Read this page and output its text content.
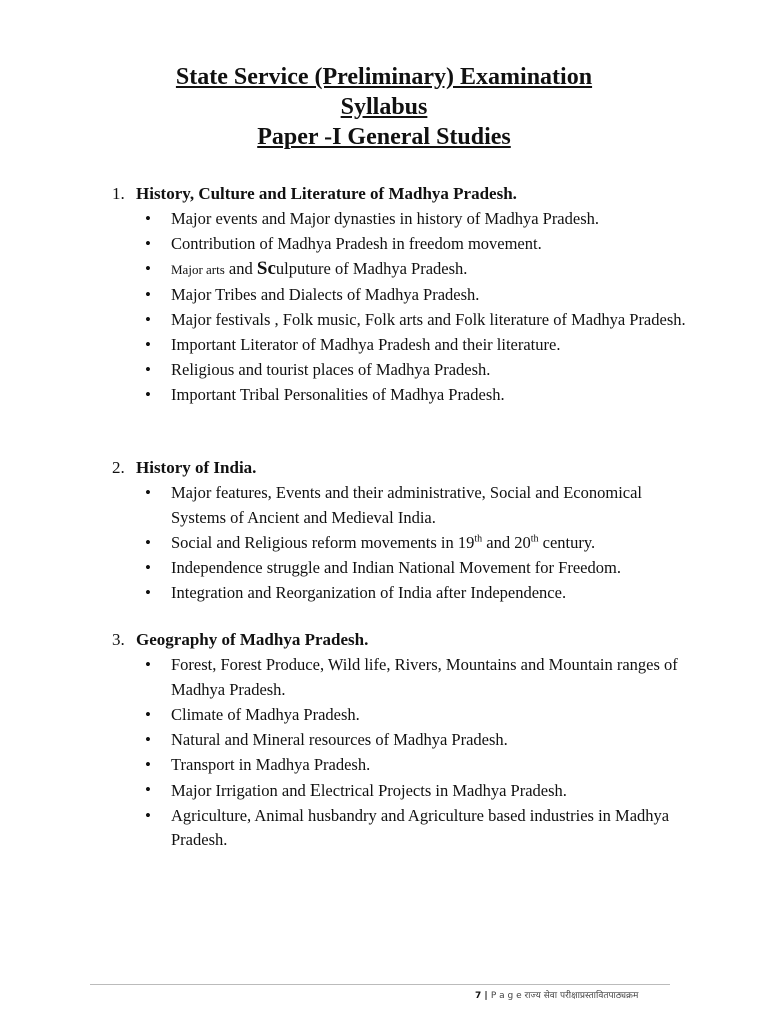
State Service (Preliminary) Examination
Syllabus
Paper -I General Studies
1. History, Culture and Literature of Madhya Pradesh.
• Major events and Major dynasties in history of Madhya Pradesh.
• Contribution of Madhya Pradesh in freedom movement.
• Major arts and Sculputure of Madhya Pradesh.
• Major Tribes and Dialects of Madhya Pradesh.
• Major festivals , Folk music, Folk arts and Folk literature of Madhya Pradesh.
• Important Literator of Madhya Pradesh and their literature.
• Religious and tourist places of Madhya Pradesh.
• Important Tribal Personalities of Madhya Pradesh.
2. History of India.
• Major features, Events and their administrative, Social and Economical Systems of Ancient and Medieval India.
• Social and Religious reform movements in 19th and 20th century.
• Independence struggle and Indian National Movement for Freedom.
• Integration and Reorganization of India after Independence.
3. Geography of Madhya Pradesh.
• Forest, Forest Produce, Wild life, Rivers, Mountains and Mountain ranges of Madhya Pradesh.
• Climate of Madhya Pradesh.
• Natural and Mineral resources of Madhya Pradesh.
• Transport in Madhya Pradesh.
• Major Irrigation and Electrical Projects in Madhya Pradesh.
• Agriculture, Animal husbandry and Agriculture based industries in Madhya Pradesh.
7 | P a g e राज्य सेवा परीक्षाप्रस्तावितपाठ्यक्रम
